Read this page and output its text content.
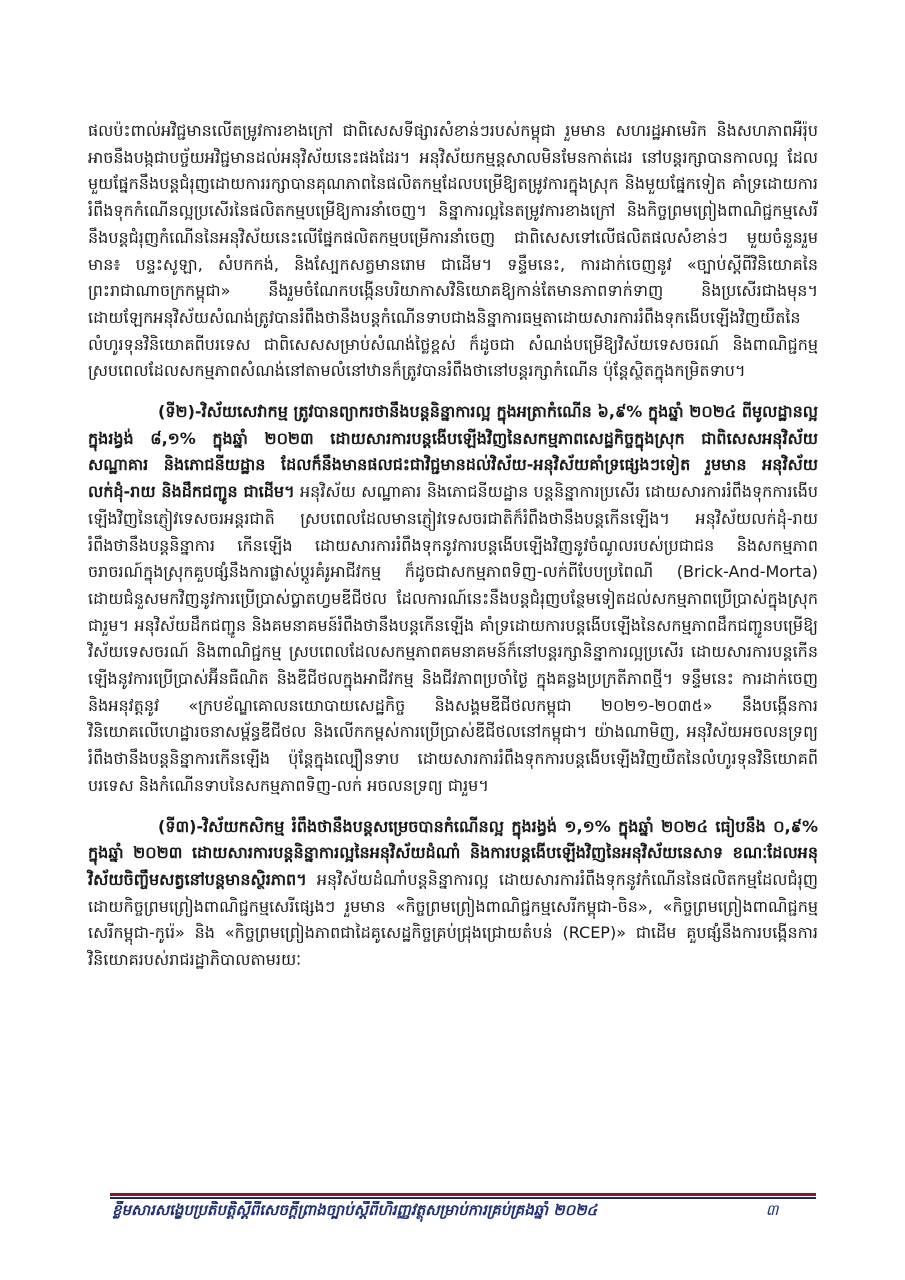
ផលប៉ះពាល់អវិជ្ជមានលើតម្រូវការខាងក្រៅ ជាពិសេសទីផ្សារសំខាន់ៗរបស់កម្ពុជា រួមមាន សហរដ្ឋអាមេរិក និងសហភាពអឺរ៉ុប អាចនឹងបង្កជាបច្ច័យអវិជ្ជមានដល់អនុវិស័យនេះផងដែរ។ អនុវិស័យកម្មន្តសាលមិនមែនកាត់ដេរ នៅបន្តរក្សាបានកាលល្អ ដែលមួយផ្នែកនឹងបន្តជំរុញដោយការរក្សាបានគុណភាពនៃផលិតកម្មដែលបម្រើឱ្យតម្រូវការក្នុងស្រុក និងមួយផ្នែកទៀត គាំទ្រដោយការរំពឹងទុកកំណើនល្អប្រសើរនៃផលិតកម្មបម្រើឱ្យការនាំចេញ។ និន្នាការល្អនៃតម្រូវការខាងក្រៅ និងកិច្ចព្រមព្រៀងពាណិជ្ជកម្មសេរី នឹងបន្តជំរុញកំណើននៃអនុវិស័យនេះលើផ្នែកផលិតកម្មបម្រើការនាំចេញ ជាពិសេសទៅលើផលិតផលសំខាន់ៗ មួយចំនួនរួមមាន៖ បន្ទះសូឡា, សំបកកង់, និងស្បែកសត្វមានរោម ជាដើម។ ទន្ទឹមនេះ, ការដាក់ចេញនូវ «ច្បាប់ស្តីពីវិនិយោគនៃព្រះរាជាណាចក្រកម្ពុជា» នឹងរួមចំណែកបង្កើនបរិយាកាសវិនិយោគឱ្យកាន់តែមានភាពទាក់ទាញ និងប្រសើរជាងមុន។ ដោយឡែកអនុវិស័យសំណង់ត្រូវបានរំពឹងថានឹងបន្តកំណើនទាបជាងនិន្នាការធម្មតាដោយសារការរំពឹងទុកងើបឡើងវិញយឺតនៃលំហូរទុនវិនិយោគពីបរទេស ជាពិសេសសម្រាប់សំណង់ថ្លៃខ្ពស់ ក៏ដូចជា សំណង់បម្រើឱ្យវិស័យទេសចរណ៍ និងពាណិជ្ជកម្ម ស្របពេលដែលសកម្មភាពសំណង់នៅតាមលំនៅឋានក៏ត្រូវបានរំពឹងថានៅបន្តរក្សាកំណើន ប៉ុន្តែស្ថិតក្នុងកម្រិតទាប។

(ទី២)-វិស័យសេវាកម្ម ត្រូវបានព្យាករថានឹងបន្តនិន្នាការល្អ ក្នុងអត្រាកំណើន ៦,៩% ក្នុងឆ្នាំ ២០២៤ ពីមូលដ្ឋានល្អក្នុងរង្វង់ ៨,១% ក្នុងឆ្នាំ ២០២៣ ដោយសារការបន្តងើបឡើងវិញនៃសកម្មភាពសេដ្ឋកិច្ចក្នុងស្រុក ជាពិសេសអនុវិស័យសណ្ឋាគារ និងភោជនីយដ្ឋាន ដែលក៏នឹងមានផលជះជាវិជ្ជមានដល់វិស័យ-អនុវិស័យគាំទ្រផ្សេងៗទៀត រួមមាន អនុវិស័យលក់ដុំ-រាយ និងដឹកជញ្ជូន ជាដើម។ អនុវិស័យ សណ្ឋាគារ និងភោជនីយដ្ឋាន បន្តនិន្នាការប្រសើរ ដោយសារការរំពឹងទុកការងើបឡើងវិញនៃភ្ញៀវទេសចរអន្តរជាតិ ស្របពេលដែលមានភ្ញៀវទេសចរជាតិក៏រំពឹងថានឹងបន្តកើនឡើង។ អនុវិស័យលក់ដុំ-រាយ រំពឹងថានឹងបន្តនិន្នាការ កើនឡើង ដោយសារការរំពឹងទុកនូវការបន្តងើបឡើងវិញនូវចំណូលរបស់ប្រជាជន និងសកម្មភាពចរាចរណ៍ក្នុងស្រុកគួបផ្សំនឹងការផ្លាស់ប្តូរគំរូអាជីវកម្ម ក៏ដូចជាសកម្មភាពទិញ-លក់ពីបែបប្រពៃណី (Brick-And-Morta) ដោយជំនួសមកវិញនូវការប្រើប្រាស់ប្លាតហ្វមឌីជីថល ដែលការណ៍នេះនឹងបន្តជំរុញបន្ថែមទៀតដល់សកម្មភាពប្រើប្រាស់ក្នុងស្រុក ជារួម។ អនុវិស័យដឹកជញ្ជូន និងគមនាគមន៍រំពឹងថានឹងបន្តកើនឡើង គាំទ្រដោយការបន្តងើបឡើងនៃសកម្មភាពដឹកជញ្ជូនបម្រើឱ្យវិស័យទេសចរណ៍ និងពាណិជ្ជកម្ម ស្របពេលដែលសកម្មភាពគមនាគមន៍ក៏នៅបន្តរក្សានិន្នាការល្អប្រសើរ ដោយសារការបន្តកើនឡើងនូវការប្រើប្រាស់អ៊ីនធឺណិត និងឌីជីថលក្នុងអាជីវកម្ម និងជីវភាពប្រចាំថ្ងៃ ក្នុងគន្លងប្រក្រតីភាពថ្មី។ ទន្ទឹមនេះ ការដាក់ចេញ និងអនុវត្តនូវ «ក្របខ័ណ្ឌគោលនយោបាយសេដ្ឋកិច្ច និងសង្គមឌីជីថលកម្ពុជា ២០២១-២០៣៥» នឹងបង្កើនការវិនិយោគលើហេដ្ឋារចនាសម្ព័ន្ធឌីជីថល និងលើកកម្ពស់ការប្រើប្រាស់ឌីជីថលនៅកម្ពុជា។ យ៉ាងណាមិញ, អនុវិស័យអចលនទ្រព្យ រំពឹងថានឹងបន្តនិន្នាការកើនឡើង ប៉ុន្តែក្នុងល្បឿនទាប ដោយសារការរំពឹងទុកការបន្តងើបឡើងវិញយឺតនៃលំហូរទុនវិនិយោគពីបរទេស និងកំណើនទាបនៃសកម្មភាពទិញ-លក់ អចលនទ្រព្យ ជារួម។

(ទី៣)-វិស័យកសិកម្ម រំពឹងថានឹងបន្តសម្រេចបានកំណើនល្អ ក្នុងរង្វង់ ១,១% ក្នុងឆ្នាំ ២០២៤ ធៀបនឹង ០,៩% ក្នុងឆ្នាំ ២០២៣ ដោយសារការបន្តនិន្នាការល្អនៃអនុវិស័យដំណាំ និងការបន្តងើបឡើងវិញនៃអនុវិស័យនេសាទ ខណៈដែលអនុវិស័យចិញ្ចឹមសត្វនៅបន្តមានស្ថិរភាព។ អនុវិស័យដំណាំបន្តនិន្នាការល្អ ដោយសារការរំពឹងទុកនូវកំណើននៃផលិតកម្មដែលជំរុញដោយកិច្ចព្រមព្រៀងពាណិជ្ជកម្មសេរីផ្សេងៗ រួមមាន «កិច្ចព្រមព្រៀងពាណិជ្ជកម្មសេរីកម្ពុជា-ចិន», «កិច្ចព្រមព្រៀងពាណិជ្ជកម្មសេរីកម្ពុជា-កូរ៉េ» និង «កិច្ចព្រមព្រៀងភាពជាដៃគូសេដ្ឋកិច្ចគ្រប់ជ្រុងជ្រោយតំបន់ (RCEP)» ជាដើម គួបផ្សំនឹងការបង្កើនការវិនិយោគរបស់រាជរដ្ឋាភិបាលតាមរយៈ

ខ្លឹមសារសង្ខេបប្រតិបត្តិស្តីពីសេចក្តីព្រាងច្បាប់ស្តីពីហិរញ្ញវត្ថុសម្រាប់ការគ្រប់គ្រងឆ្នាំ ២០២៤	៣
